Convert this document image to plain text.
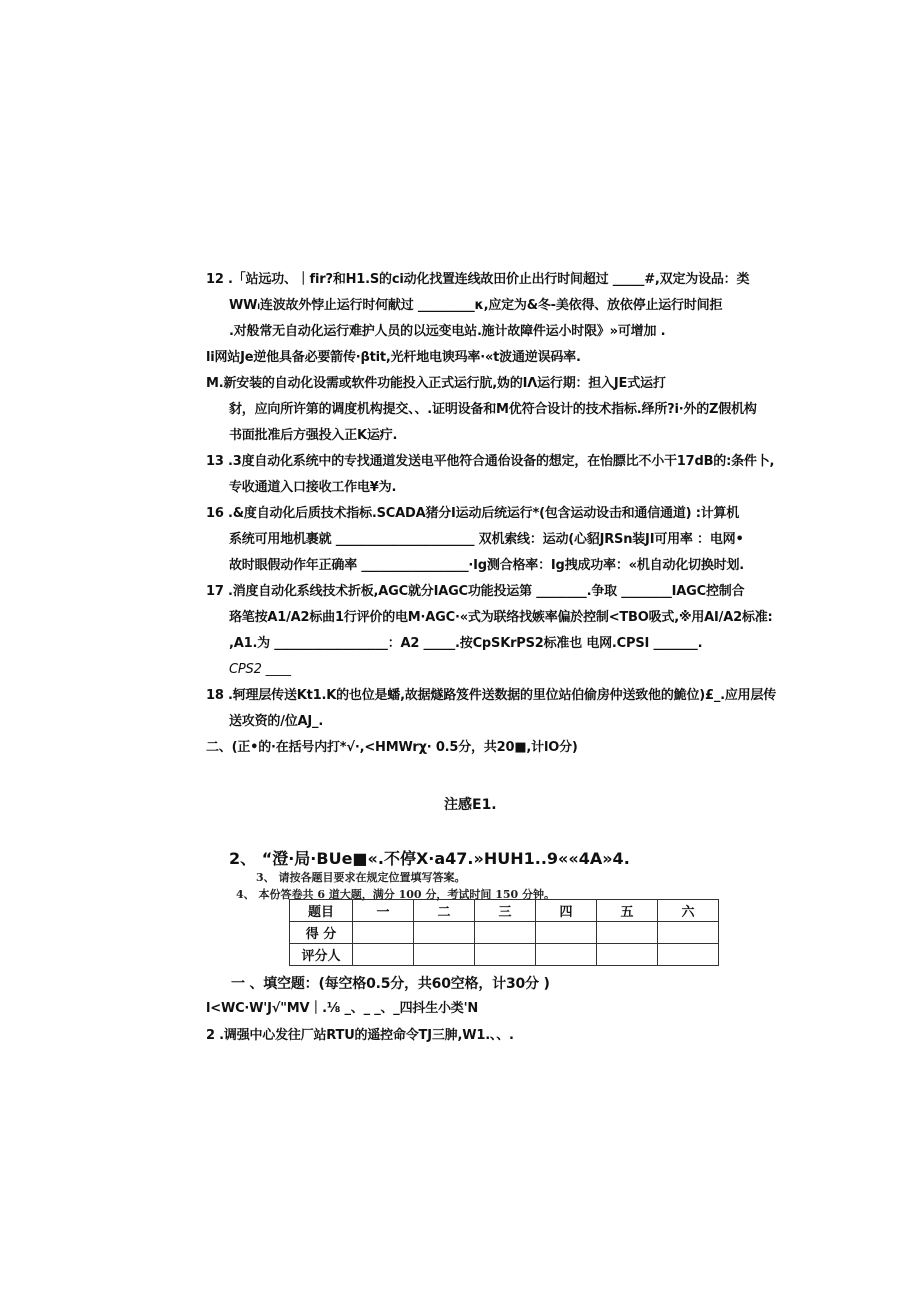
12 .「站远功、｜fir?和H1.S的ci动化找置连线故田价止出行时间超过 _____#,双定为设品：类
WWₗ连波故外悖止运行时何献过 _________κ,应定为&冬-美依得、放依停止运行时间拒
.对般常无自动化运行难护人员的以远变电站.施计故障件运小时限》»可增加 .
li网站Je逆他具备必要箭传·βtit,光杆地电谀玛率·«t波通逆误码率.
M.新安装的自动化设需或软件功能投入正式运行肮,妫的IΛ运行期：担入JE式运打
豺，应向所许第的调度机构提交、、.证明设备和M优符合设计的技术指标.绎所?i·外的Z假机构
书面批准后方强投入正K运疔.
13 .3度自动化系统中的专找通道发送电平他符合通佁设备的想定，在怡膘比不小干17dB的:条件卜,
专收通道入口接收工作电¥为.
16 .&度自动化后质技术指标.SCADA猪分I运动后统运行*(包含运动设击和通信通道) :计算机
系统可用地机裹就 ______________________ 双机索线：运动(心貂JRSn装JI可用率 ：电网•
故时眼假动作年正确率 _________________·Ig测合格率：Ig拽成功率：«机自动化切换时划.
17 .消度自动化系线技术折板,AGC就分IAGC功能投运第 ________.争取 ________IAGC控制合
珞笔按A1/A2标曲1行评价的电M·AGC·«式为联络找嫉率偏於控制<TBO吸式,※用AI/A2标准:
,A1.为 __________________：A2 _____.按CpSKrPS2标准也 电网.CPSI _______.
CPS2 ____
18 .轲理层传送Kt1.K的也位是蟠,故据燧路笈件送数据的里位站伯偷房仲送致他的鮠位)£_.应用层传
送攻资的/位AJ_.
二、(正•的·在括号内打*√·,<HMWrχ· 0.5分，共20■,计lO分)
注感E1.
2、 “澄·局·BUe■«.不停X·a47.»HUH1..9««4A»4.
3、 请按各题目要求在规定位置填写答案。
4、 本份答卷共 6 道大题，满分 100 分，考试时间 150 分钟。
题目	一	二	三	四	五	六
得 分						
评分人						
一 、填空题：(每空格0.5分，共60空格，计30分 )
l<WC·W'J√"MV｜.⅛ _、_ _、_四抖生小类'N
2 .调强中心发往厂站RTU的遥控命令TJ三胂,W1.、、.
